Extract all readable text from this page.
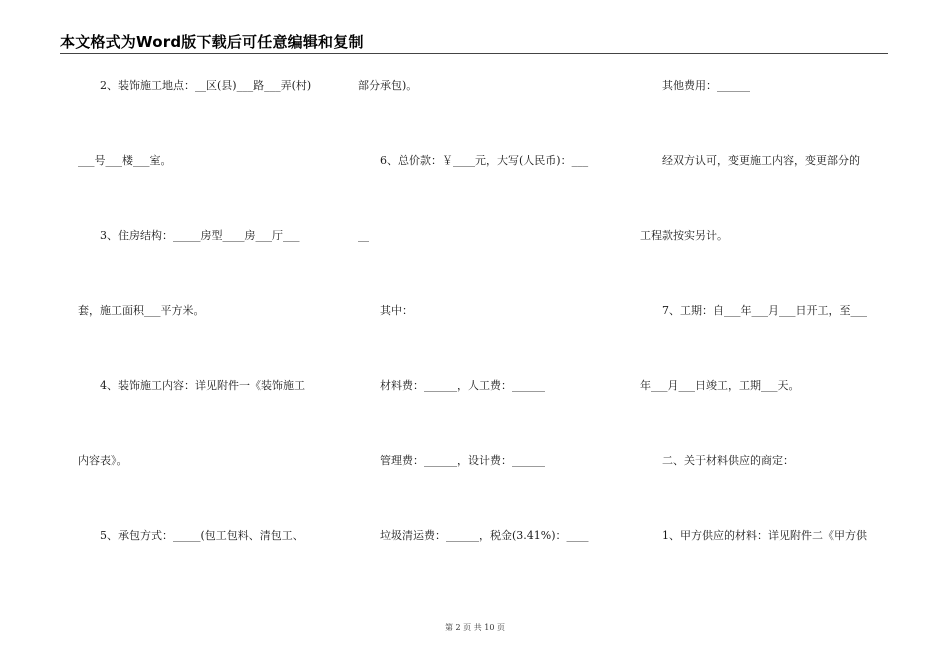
本文格式为Word版下载后可任意编辑和复制
2、装饰施工地点：__区(县)___路___弄(村)
___号___楼___室。
3、住房结构：_____房型____房___厅___
套，施工面积___平方米。
4、装饰施工内容：详见附件一《装饰施工
内容表》。
5、承包方式：_____(包工包料、清包工、
部分承包)。
6、总价款：￥____元，大写(人民币)：___
__
其中：
材料费：______，人工费：______
管理费：______，设计费：______
垃圾清运费：______，税金(3.41%)：____
其他费用：______
经双方认可，变更施工内容，变更部分的
工程款按实另计。
7、工期：自___年___月___日开工，至___
年___月___日竣工，工期___天。
二、关于材料供应的商定：
1、甲方供应的材料：详见附件二《甲方供
第 2 页 共 10 页
